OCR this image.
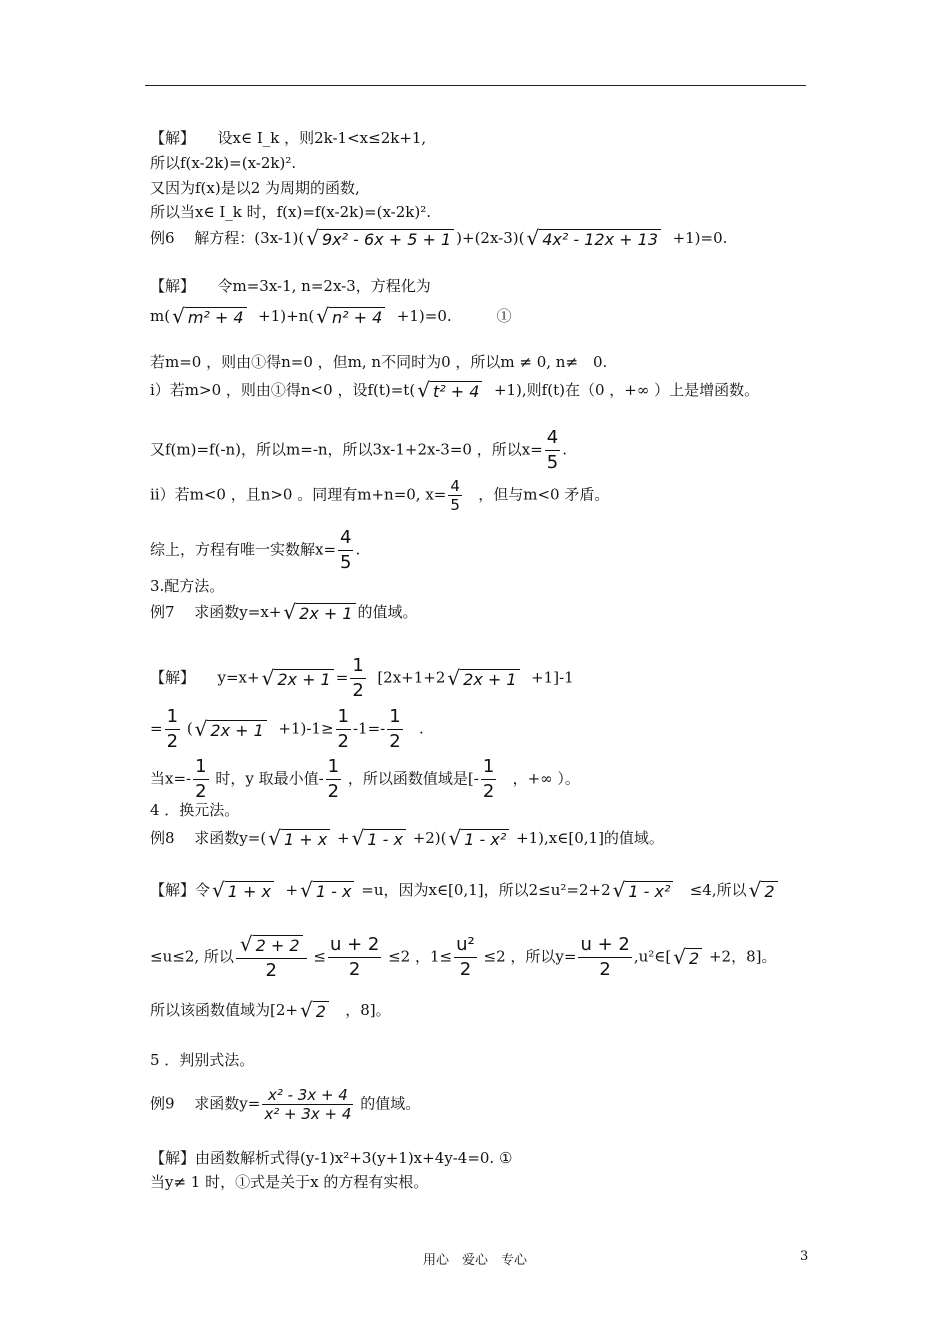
【解】　　设x∈ I_k ，则2k-1<x≤2k+1,
所以f(x-2k)=(x-2k)².
又因为f(x)是以2 为周期的函数,
所以当x∈ I_k 时，f(x)=f(x-2k)=(x-2k)².
例6　 解方程：(3x-1)( √ 9x² - 6x + 5 + 1 )+(2x-3)( √ 4x² - 12x + 13 +1)=0.
【解】　　令m=3x-1, n=2x-3，方程化为
m( √ m² + 4 +1)+n( √ n² + 4 +1)=0.　　　①
若m=0 ，则由①得n=0 ，但m, n不同时为0 ，所以m ≠ 0, n≠　0.
ⅰ）若m>0 ，则由①得n<0 ，设f(t)=t( √ t² + 4 +1),则f(t)在（0 ，+∞ ）上是增函数。
又f(m)=f(-n)，所以m=-n，所以3x-1+2x-3=0 ，所以$x= \frac{4}{5}$ .
ⅱ）若m<0 ，且n>0 。同理有m+n=0, $x= \frac{4}{5}$ ，但与m<0 矛盾。
综上，方程有唯一实数解$x= \frac{4}{5}$ .
3.配方法。
例7　 求函数y=x+ √ 2x + 1 的值域。
【解】　　y=x+ √ $2x + 1 = \frac{1}{2} [2x+1+2$ √ 2x + 1 +1]-1
= $\frac{1}{2}$ ( √ $2x + 1 +1)-1\ge \frac{1}{2} -1=- \frac{1}{2}$ .
当$x=- \frac{1}{2}$ 时，y 取最小值- $\frac{1}{2}$ ，所以函数值域是[- $\frac{1}{2}$ ，+∞ ）。
4 ．换元法。
例8　 求函数y=( √ 1 + x + √ 1 - x +2)( √ 1 - x² +1),x∈[0,1]的值域。
【解】令 √ 1 + x + √ 1 - x =u，因为x∈[0,1]，所以2≤u²=2+2 √ 1 - x² ≤4,所以 √ 2
≤u≤2, 所以 $\frac{√ 2 + 2}{2} \le \frac{u + 2}{2} \le 2$ ，$1\le \frac{\text{u²}}{2} \le 2$ ，所以$y= \frac{u + 2}{2}$ ,u²∈[ √ 2 +2，8]。
所以该函数值域为[2+ √ 2 ，8]。
5 ．判别式法。
例9　 求函数$y= \frac{\text{x² - 3x + 4}}{\text{x² + 3x + 4}}$ 的值域。
【解】由函数解析式得(y-1)x²+3(y+1)x+4y-4=0. ①
当y≠ 1 时，①式是关于x 的方程有实根。
用心　爱心　专心	3
